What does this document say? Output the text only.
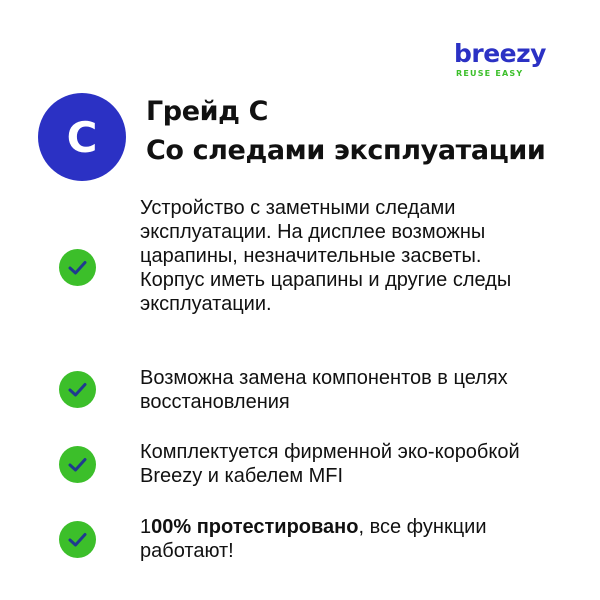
breezy
REUSE EASY
C
Грейд С
Со следами эксплуатации
Устройство с заметными следами эксплуатации. На дисплее возможны царапины, незначительные засветы. Корпус иметь царапины и другие следы эксплуатации.
Возможна замена компонентов в целях восстановления
Комплектуется фирменной эко-коробкой Breezy и кабелем MFI
100% протестировано, все функции работают!
